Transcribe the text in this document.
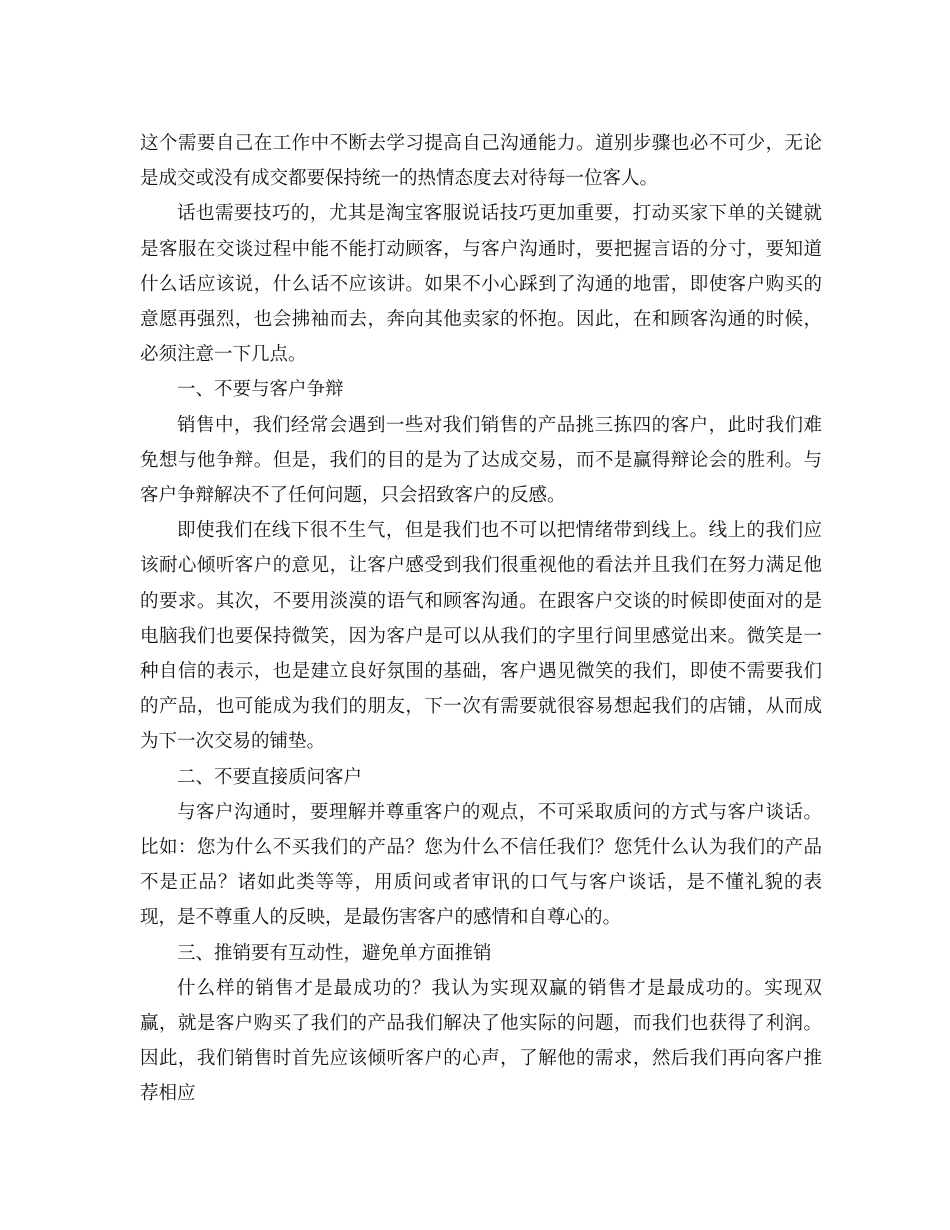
这个需要自己在工作中不断去学习提高自己沟通能力。道别步骤也必不可少，无论是成交或没有成交都要保持统一的热情态度去对待每一位客人。

话也需要技巧的，尤其是淘宝客服说话技巧更加重要，打动买家下单的关键就是客服在交谈过程中能不能打动顾客，与客户沟通时，要把握言语的分寸，要知道什么话应该说，什么话不应该讲。如果不小心踩到了沟通的地雷，即使客户购买的意愿再强烈，也会拂袖而去，奔向其他卖家的怀抱。因此，在和顾客沟通的时候，必须注意一下几点。

一、不要与客户争辩

销售中，我们经常会遇到一些对我们销售的产品挑三拣四的客户，此时我们难免想与他争辩。但是，我们的目的是为了达成交易，而不是赢得辩论会的胜利。与客户争辩解决不了任何问题，只会招致客户的反感。

即使我们在线下很不生气，但是我们也不可以把情绪带到线上。线上的我们应该耐心倾听客户的意见，让客户感受到我们很重视他的看法并且我们在努力满足他的要求。其次，不要用淡漠的语气和顾客沟通。在跟客户交谈的时候即使面对的是电脑我们也要保持微笑，因为客户是可以从我们的字里行间里感觉出来。微笑是一种自信的表示，也是建立良好氛围的基础，客户遇见微笑的我们，即使不需要我们的产品，也可能成为我们的朋友，下一次有需要就很容易想起我们的店铺，从而成为下一次交易的铺垫。

二、不要直接质问客户

与客户沟通时，要理解并尊重客户的观点，不可采取质问的方式与客户谈话。比如：您为什么不买我们的产品？您为什么不信任我们？您凭什么认为我们的产品不是正品？诸如此类等等，用质问或者审讯的口气与客户谈话，是不懂礼貌的表现，是不尊重人的反映，是最伤害客户的感情和自尊心的。

三、推销要有互动性，避免单方面推销

什么样的销售才是最成功的？我认为实现双赢的销售才是最成功的。实现双赢，就是客户购买了我们的产品我们解决了他实际的问题，而我们也获得了利润。因此，我们销售时首先应该倾听客户的心声，了解他的需求，然后我们再向客户推荐相应
